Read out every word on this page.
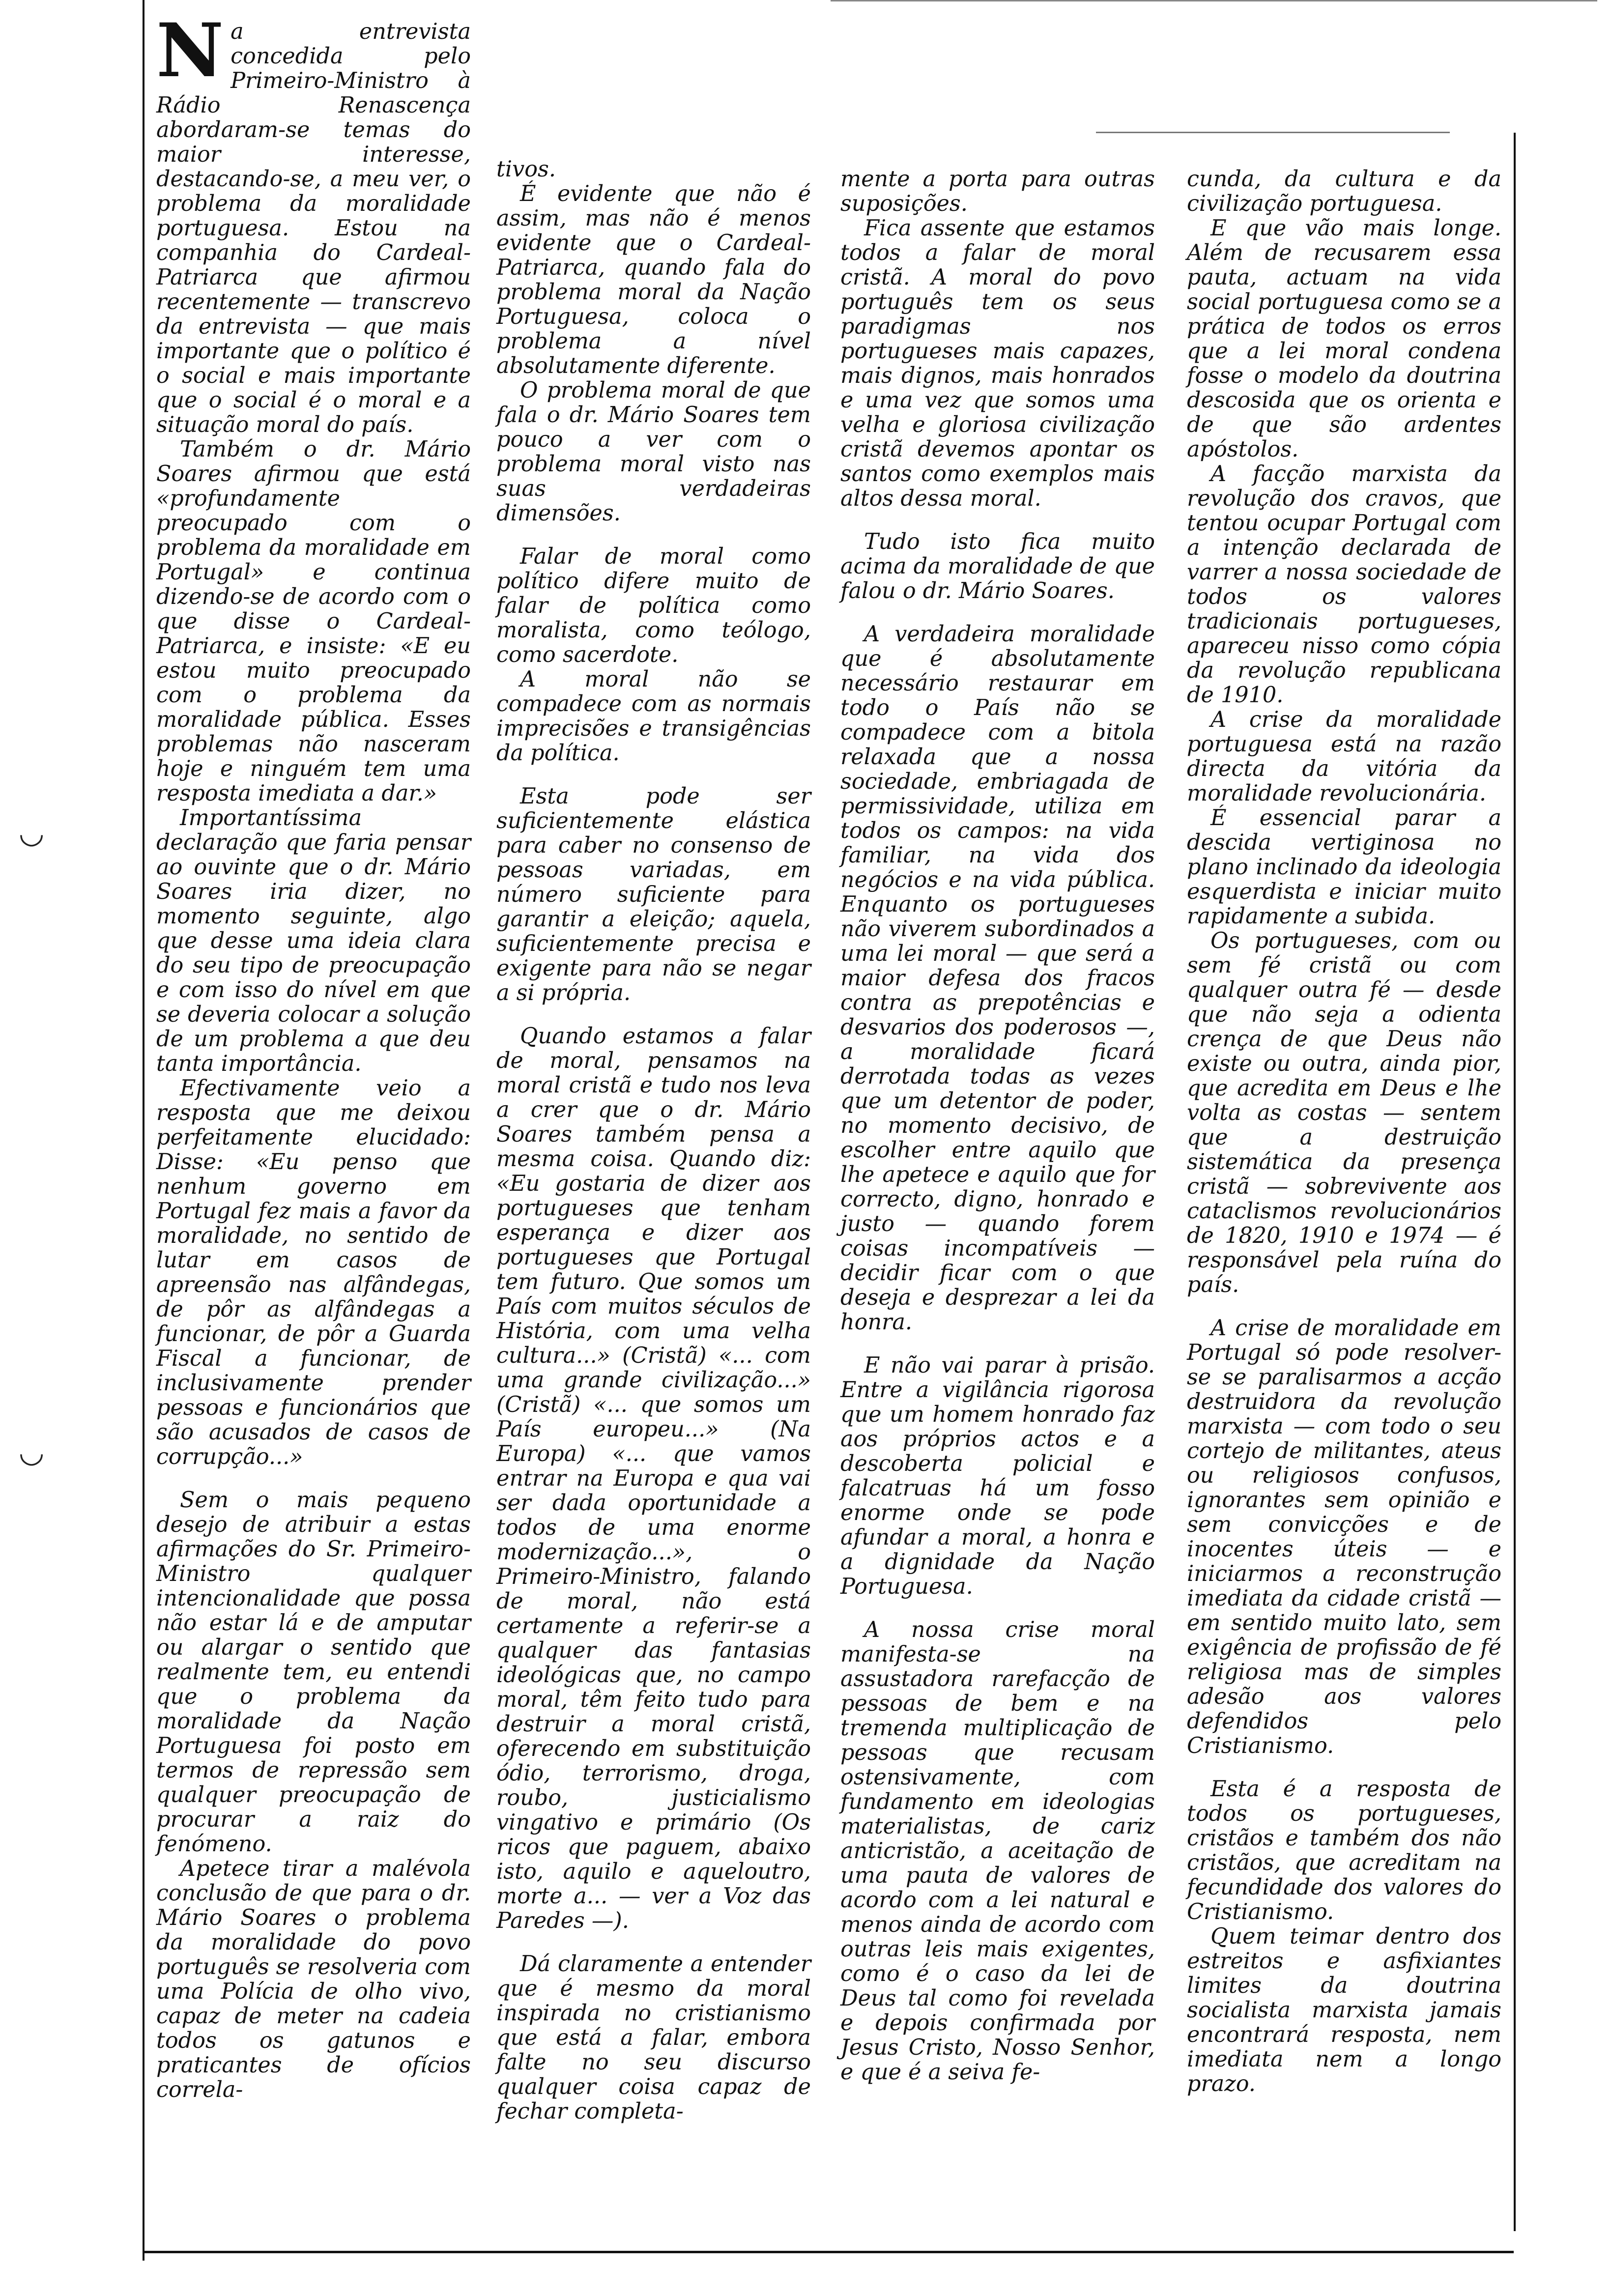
◡
◡

Na entrevista concedida pelo Primeiro-Ministro à Rádio Renascença abordaram-se temas do maior interesse, destacando-se, a meu ver, o problema da moralidade portuguesa. Estou na companhia do Cardeal-Patriarca que afirmou recentemente — transcrevo da entrevista — que mais importante que o político é o social e mais importante que o social é o moral e a situação moral do país.

Também o dr. Mário Soares afirmou que está «profundamente preocupado com o problema da moralidade em Portugal» e continua dizendo-se de acordo com o que disse o Cardeal-Patriarca, e insiste: «E eu estou muito preocupado com o problema da moralidade pública. Esses problemas não nasceram hoje e ninguém tem uma resposta imediata a dar.»

Importantíssima declaração que faria pensar ao ouvinte que o dr. Mário Soares iria dizer, no momento seguinte, algo que desse uma ideia clara do seu tipo de preocupação e com isso do nível em que se deveria colocar a solução de um problema a que deu tanta importância.

Efectivamente veio a resposta que me deixou perfeitamente elucidado: Disse: «Eu penso que nenhum governo em Portugal fez mais a favor da moralidade, no sentido de lutar em casos de apreensão nas alfândegas, de pôr as alfândegas a funcionar, de pôr a Guarda Fiscal a funcionar, de inclusivamente prender pessoas e funcionários que são acusados de casos de corrupção...»

Sem o mais pequeno desejo de atribuir a estas afirmações do Sr. Primeiro-Ministro qualquer intencionalidade que possa não estar lá e de amputar ou alargar o sentido que realmente tem, eu entendi que o problema da moralidade da Nação Portuguesa foi posto em termos de repressão sem qualquer preocupação de procurar a raiz do fenómeno.

Apetece tirar a malévola conclusão de que para o dr. Mário Soares o problema da moralidade do povo português se resolveria com uma Polícia de olho vivo, capaz de meter na cadeia todos os gatunos e praticantes de ofícios correla-

tivos.

É evidente que não é assim, mas não é menos evidente que o Cardeal-Patriarca, quando fala do problema moral da Nação Portuguesa, coloca o problema a nível absolutamente diferente.

O problema moral de que fala o dr. Mário Soares tem pouco a ver com o problema moral visto nas suas verdadeiras dimensões.

Falar de moral como político difere muito de falar de política como moralista, como teólogo, como sacerdote.

A moral não se compadece com as normais imprecisões e transigências da política.

Esta pode ser suficientemente elástica para caber no consenso de pessoas variadas, em número suficiente para garantir a eleição; aquela, suficientemente precisa e exigente para não se negar a si própria.

Quando estamos a falar de moral, pensamos na moral cristã e tudo nos leva a crer que o dr. Mário Soares também pensa a mesma coisa. Quando diz: «Eu gostaria de dizer aos portugueses que tenham esperança e dizer aos portugueses que Portugal tem futuro. Que somos um País com muitos séculos de História, com uma velha cultura...» (Cristã) «... com uma grande civilização...» (Cristã) «... que somos um País europeu...» (Na Europa) «... que vamos entrar na Europa e qua vai ser dada oportunidade a todos de uma enorme modernização...», o Primeiro-Ministro, falando de moral, não está certamente a referir-se a qualquer das fantasias ideológicas que, no campo moral, têm feito tudo para destruir a moral cristã, oferecendo em substituição ódio, terrorismo, droga, roubo, justicialismo vingativo e primário (Os ricos que paguem, abaixo isto, aquilo e aqueloutro, morte a... — ver a Voz das Paredes —).

Dá claramente a entender que é mesmo da moral inspirada no cristianismo que está a falar, embora falte no seu discurso qualquer coisa capaz de fechar completa-

mente a porta para outras suposições.

Fica assente que estamos todos a falar de moral cristã. A moral do povo português tem os seus paradigmas nos portugueses mais capazes, mais dignos, mais honrados e uma vez que somos uma velha e gloriosa civilização cristã devemos apontar os santos como exemplos mais altos dessa moral.

Tudo isto fica muito acima da moralidade de que falou o dr. Mário Soares.

A verdadeira moralidade que é absolutamente necessário restaurar em todo o País não se compadece com a bitola relaxada que a nossa sociedade, embriagada de permissividade, utiliza em todos os campos: na vida familiar, na vida dos negócios e na vida pública. Enquanto os portugueses não viverem subordinados a uma lei moral — que será a maior defesa dos fracos contra as prepotências e desvarios dos poderosos —, a moralidade ficará derrotada todas as vezes que um detentor de poder, no momento decisivo, de escolher entre aquilo que lhe apetece e aquilo que for correcto, digno, honrado e justo — quando forem coisas incompatíveis — decidir ficar com o que deseja e desprezar a lei da honra.

E não vai parar à prisão. Entre a vigilância rigorosa que um homem honrado faz aos próprios actos e a descoberta policial e falcatruas há um fosso enorme onde se pode afundar a moral, a honra e a dignidade da Nação Portuguesa.

A nossa crise moral manifesta-se na assustadora rarefacção de pessoas de bem e na tremenda multiplicação de pessoas que recusam ostensivamente, com fundamento em ideologias materialistas, de cariz anticristão, a aceitação de uma pauta de valores de acordo com a lei natural e menos ainda de acordo com outras leis mais exigentes, como é o caso da lei de Deus tal como foi revelada e depois confirmada por Jesus Cristo, Nosso Senhor, e que é a seiva fe-

cunda, da cultura e da civilização portuguesa.

E que vão mais longe. Além de recusarem essa pauta, actuam na vida social portuguesa como se a prática de todos os erros que a lei moral condena fosse o modelo da doutrina descosida que os orienta e de que são ardentes apóstolos.

A facção marxista da revolução dos cravos, que tentou ocupar Portugal com a intenção declarada de varrer a nossa sociedade de todos os valores tradicionais portugueses, apareceu nisso como cópia da revolução republicana de 1910.

A crise da moralidade portuguesa está na razão directa da vitória da moralidade revolucionária.

É essencial parar a descida vertiginosa no plano inclinado da ideologia esquerdista e iniciar muito rapidamente a subida.

Os portugueses, com ou sem fé cristã ou com qualquer outra fé — desde que não seja a odienta crença de que Deus não existe ou outra, ainda pior, que acredita em Deus e lhe volta as costas — sentem que a destruição sistemática da presença cristã — sobrevivente aos cataclismos revolucionários de 1820, 1910 e 1974 — é responsável pela ruína do país.

A crise de moralidade em Portugal só pode resolver-se se paralisarmos a acção destruidora da revolução marxista — com todo o seu cortejo de militantes, ateus ou religiosos confusos, ignorantes sem opinião e sem convicções e de inocentes úteis — e iniciarmos a reconstrução imediata da cidade cristã — em sentido muito lato, sem exigência de profissão de fé religiosa mas de simples adesão aos valores defendidos pelo Cristianismo.

Esta é a resposta de todos os portugueses, cristãos e também dos não cristãos, que acreditam na fecundidade dos valores do Cristianismo.

Quem teimar dentro dos estreitos e asfixiantes limites da doutrina socialista marxista jamais encontrará resposta, nem imediata nem a longo prazo.
